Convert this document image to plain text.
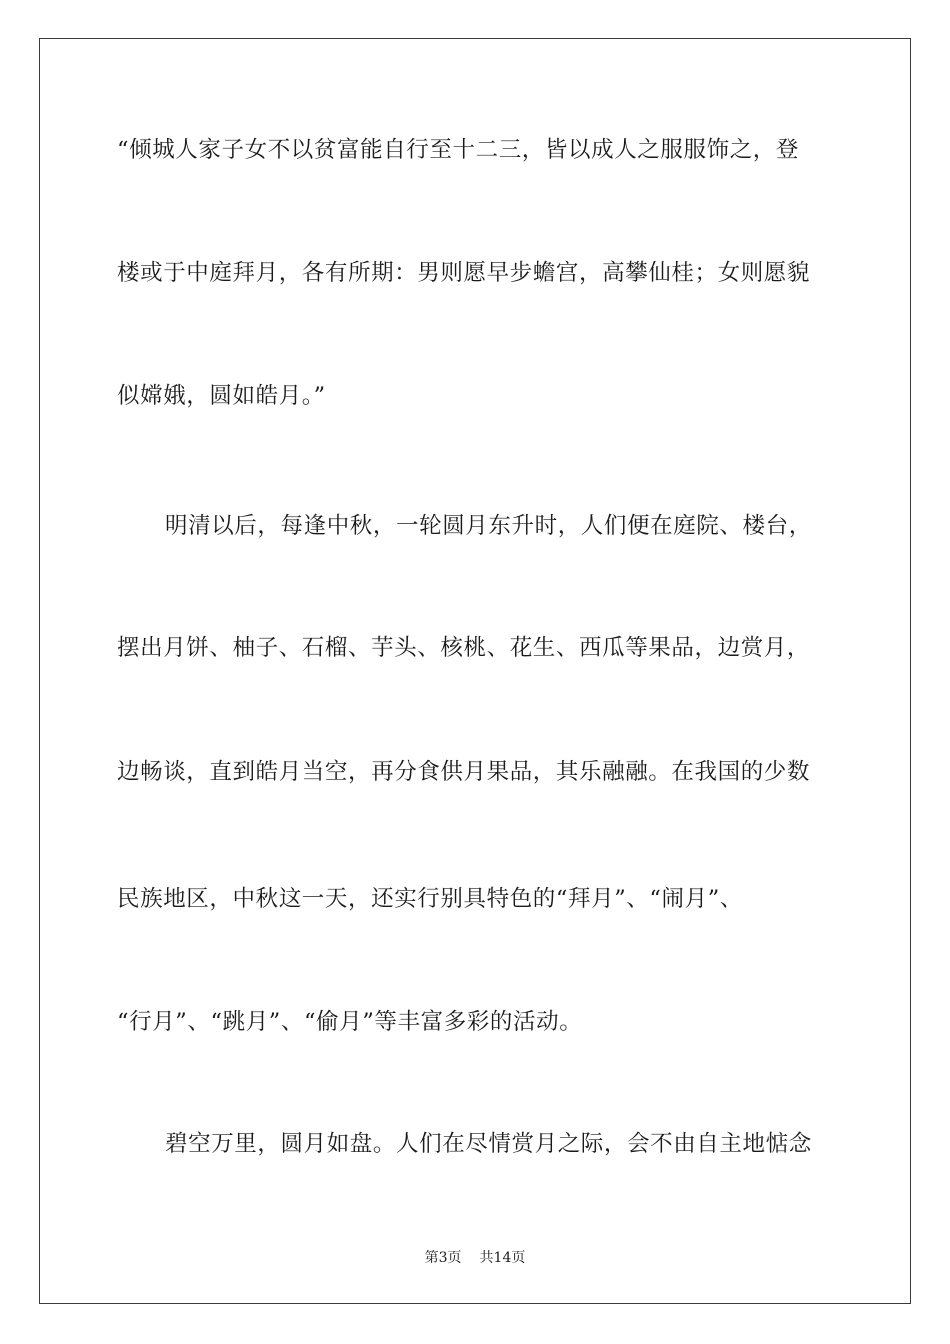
“倾城人家子女不以贫富能自行至十二三，皆以成人之服服饰之，登
楼或于中庭拜月，各有所期：男则愿早步蟾宫，高攀仙桂；女则愿貌
似嫦娥，圆如皓月。”
明清以后，每逢中秋，一轮圆月东升时，人们便在庭院、楼台，
摆出月饼、柚子、石榴、芋头、核桃、花生、西瓜等果品，边赏月，
边畅谈，直到皓月当空，再分食供月果品，其乐融融。在我国的少数
民族地区，中秋这一天，还实行别具特色的“拜月”、“闹月”、
“行月”、“跳月”、“偷月”等丰富多彩的活动。
碧空万里，圆月如盘。人们在尽情赏月之际，会不由自主地惦念
第3页 共14页
